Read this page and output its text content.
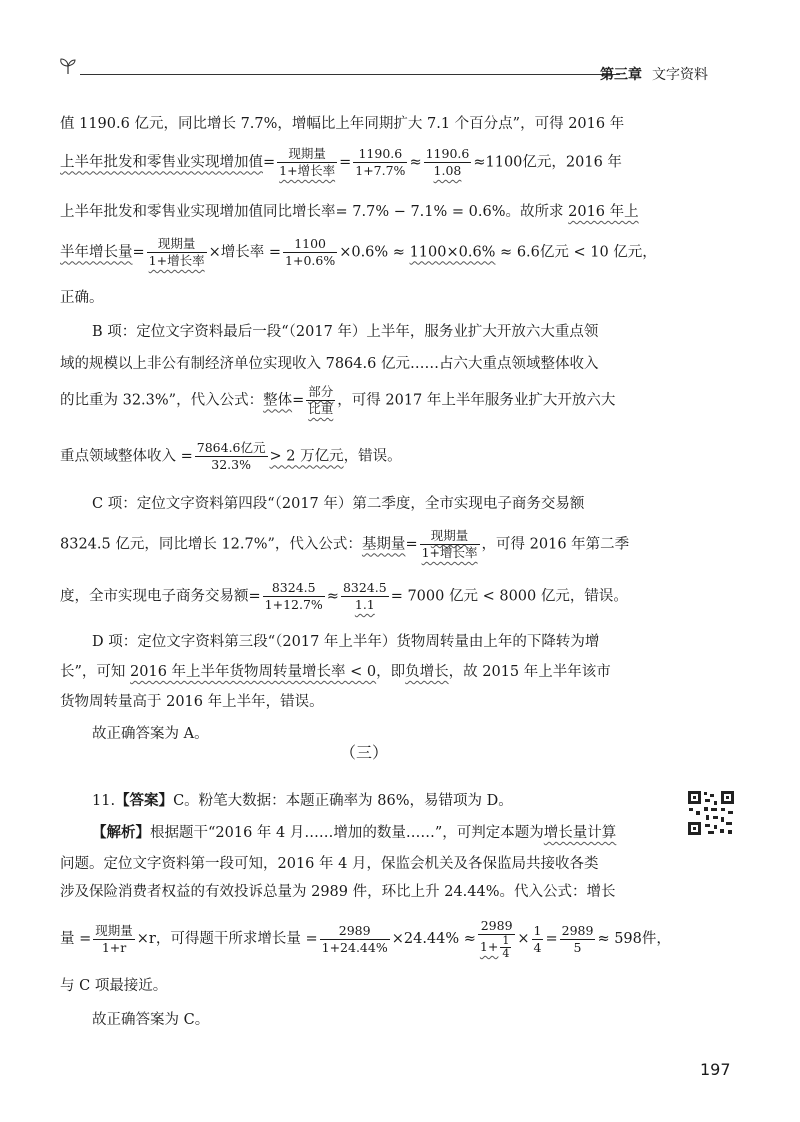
第三章 文字资料
值 1190.6 亿元，同比增长 7.7%，增幅比上年同期扩大 7.1 个百分点”，可得 2016 年
上半年批发和零售业实现增加值= $\frac{\text{现期量}}{\text{1+增长率}} = \frac{1190.6}{1+7.7\%} \approx \frac{1190.6}{1.08} \approx 1100$亿元，2016 年
上半年批发和零售业实现增加值同比增长率= 7.7% − 7.1% = 0.6%。故所求 2016 年上
半年增长量= $\frac{\text{现期量}}{\text{1+增长率}}$ ×增长率 = $\frac{1100}{1+0.6\%} \times 0.6\% \approx 1100\times 0.6\% \approx 6.6$亿元 < 10 亿元，
正确。
B 项：定位文字资料最后一段“（2017 年）上半年，服务业扩大开放六大重点领
域的规模以上非公有制经济单位实现收入 7864.6 亿元……占六大重点领域整体收入
的比重为 32.3%”，代入公式：整体= $\frac{\text{部分}}{\text{比重}}$ ，可得 2017 年上半年服务业扩大开放六大
重点领域整体收入 = $\frac{\text{7864.6亿元}}{32.3\%} > 2$ 万亿元，错误。
C 项：定位文字资料第四段“（2017 年）第二季度，全市实现电子商务交易额
8324.5 亿元，同比增长 12.7%”，代入公式：基期量= $\frac{\text{现期量}}{\text{1+增长率}}$ ，可得 2016 年第二季
度，全市实现电子商务交易额= $\frac{8324.5}{1+12.7\%} \approx \frac{8324.5}{1.1} = 7000$ 亿元 < 8000 亿元，错误。
D 项：定位文字资料第三段“（2017 年上半年）货物周转量由上年的下降转为增
长”，可知 2016 年上半年货物周转量增长率 < 0，即负增长，故 2015 年上半年该市
货物周转量高于 2016 年上半年，错误。
故正确答案为 A。
（三）
11.【答案】C。粉笔大数据：本题正确率为 86%，易错项为 D。
【解析】根据题干“2016 年 4 月……增加的数量……”，可判定本题为增长量计算
问题。定位文字资料第一段可知，2016 年 4 月，保监会机关及各保监局共接收各类
涉及保险消费者权益的有效投诉总量为 2989 件，环比上升 24.44%。代入公式：增长
量 = $\frac{\text{现期量}}{1+r} \times r$，可得题干所求增长量 = $\frac{2989}{1+24.44\%} \times 24.44\% \approx \frac{2989}{1+ \frac{1}{4}} \times \frac{1}{4} = \frac{2989}{5} \approx 598$件，
与 C 项最接近。
故正确答案为 C。
197
